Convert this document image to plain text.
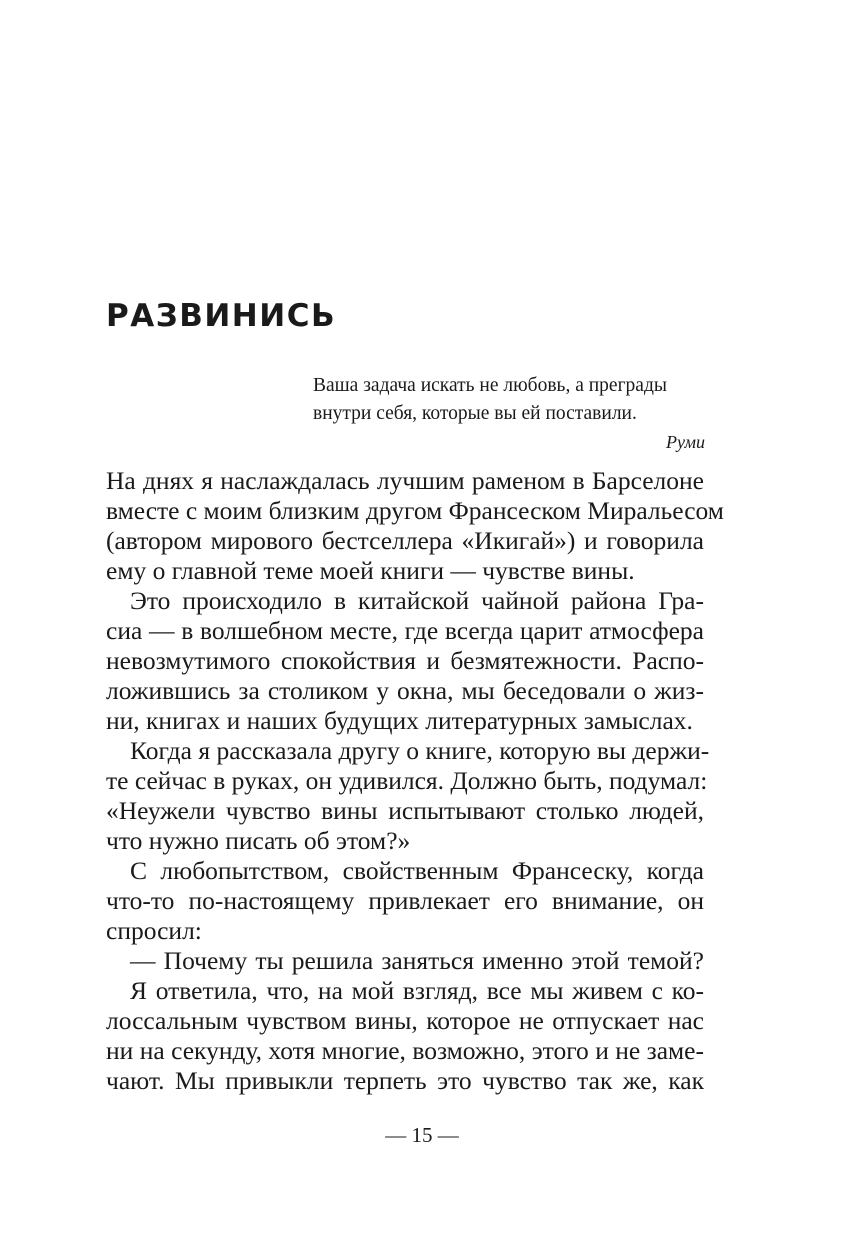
РАЗВИНИСЬ
Ваша задача искать не любовь, а преграды
внутри себя, которые вы ей поставили.
Руми
На днях я наслаждалась лучшим раменом в Барселоне
вместе с моим близким другом Франсеском Миральесом
(автором мирового бестселлера «Икигай») и говорила
ему о главной теме моей книги — чувстве вины.
Это происходило в китайской чайной района Гра-
сиа — в волшебном месте, где всегда царит атмосфера
невозмутимого спокойствия и безмятежности. Распо-
ложившись за столиком у окна, мы беседовали о жиз-
ни, книгах и наших будущих литературных замыслах.
Когда я рассказала другу о книге, которую вы держи-
те сейчас в руках, он удивился. Должно быть, подумал:
«Неужели чувство вины испытывают столько людей,
что нужно писать об этом?»
С любопытством, свойственным Франсеску, когда
что-то по-настоящему привлекает его внимание, он
спросил:
— Почему ты решила заняться именно этой темой?
Я ответила, что, на мой взгляд, все мы живем с ко-
лоссальным чувством вины, которое не отпускает нас
ни на секунду, хотя многие, возможно, этого и не заме-
чают. Мы привыкли терпеть это чувство так же, как
— 15 —
